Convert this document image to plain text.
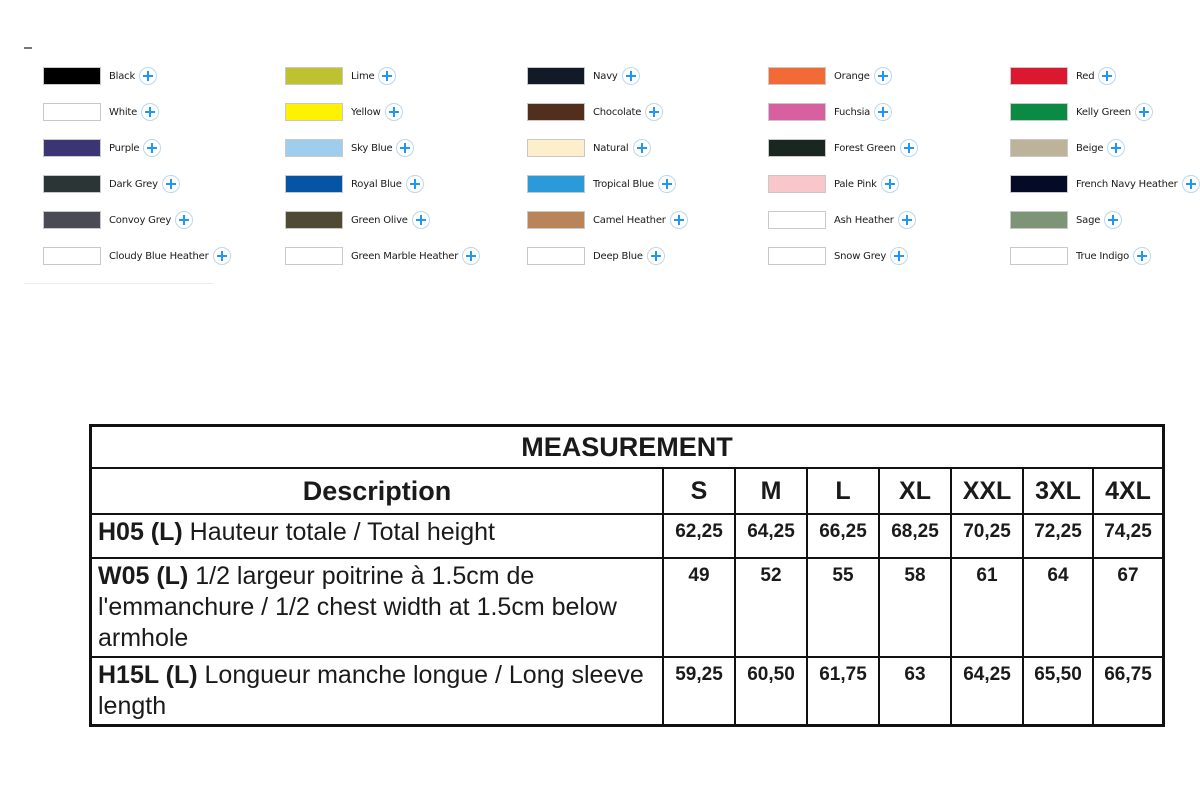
Black	Lime	Navy	Orange	Red
White	Yellow	Chocolate	Fuchsia	Kelly Green
Purple	Sky Blue	Natural	Forest Green	Beige
Dark Grey	Royal Blue	Tropical Blue	Pale Pink	French Navy Heather
Convoy Grey	Green Olive	Camel Heather	Ash Heather	Sage
Cloudy Blue Heather	Green Marble Heather	Deep Blue	Snow Grey	True Indigo
MEASUREMENT							
Description	S	M	L	XL	XXL	3XL	4XL
H05 (L) Hauteur totale / Total height	62,25	64,25	66,25	68,25	70,25	72,25	74,25
W05 (L) 1/2 largeur poitrine à 1.5cm de l'emmanchure / 1/2 chest width at 1.5cm below armhole	49	52	55	58	61	64	67
H15L (L) Longueur manche longue / Long sleeve length	59,25	60,50	61,75	63	64,25	65,50	66,75
